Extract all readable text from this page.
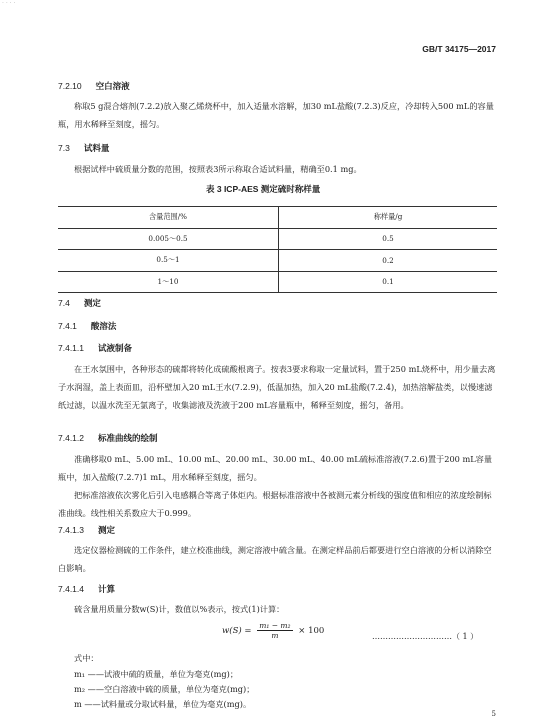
· · · ·
GB/T 34175—2017
7.2.10 空白溶液
称取5 g混合熔剂(7.2.2)放入聚乙烯烧杯中，加入适量水溶解，加30 mL盐酸(7.2.3)反应，冷却转入500 mL的容量瓶，用水稀释至刻度，摇匀。
7.3 试料量
根据试样中硫质量分数的范围，按照表3所示称取合适试料量，精确至0.1 mg。
表 3 ICP-AES 测定硫时称样量
含量范围/%	称样量/g
0.005～0.5	0.5
0.5～1	0.2
1～10	0.1
7.4 测定
7.4.1 酸溶法
7.4.1.1 试液制备
在王水氛围中，各种形态的硫都将转化成硫酸根离子。按表3要求称取一定量试料，置于250 mL烧杯中，用少量去离子水润湿，盖上表面皿，沿杯壁加入20 mL王水(7.2.9)，低温加热，加入20 mL盐酸(7.2.4)，加热溶解盐类，以慢速滤纸过滤，以温水洗至无氯离子，收集滤液及洗液于200 mL容量瓶中，稀释至刻度，摇匀，备用。
7.4.1.2 标准曲线的绘制
准确移取0 mL、5.00 mL、10.00 mL、20.00 mL、30.00 mL、40.00 mL硫标准溶液(7.2.6)置于200 mL容量瓶中，加入盐酸(7.2.7)1 mL，用水稀释至刻度，摇匀。
把标准溶液依次雾化后引入电感耦合等离子体炬内。根据标准溶液中各被测元素分析线的强度值和相应的浓度绘制标准曲线。线性相关系数应大于0.999。
7.4.1.3 测定
选定仪器检测硫的工作条件，建立校准曲线，测定溶液中硫含量。在测定样品前后都要进行空白溶液的分析以消除空白影响。
7.4.1.4 计算
硫含量用质量分数w(S)计，数值以%表示，按式(1)计算：
$w(S) = \frac{\text{m₁ − m₂}}{m} \times 100$
…………………………（ 1 ）
式中：
m₁ ——试液中硫的质量，单位为毫克(mg)；
m₂ ——空白溶液中硫的质量，单位为毫克(mg)；
m ——试料量或分取试料量，单位为毫克(mg)。
5
